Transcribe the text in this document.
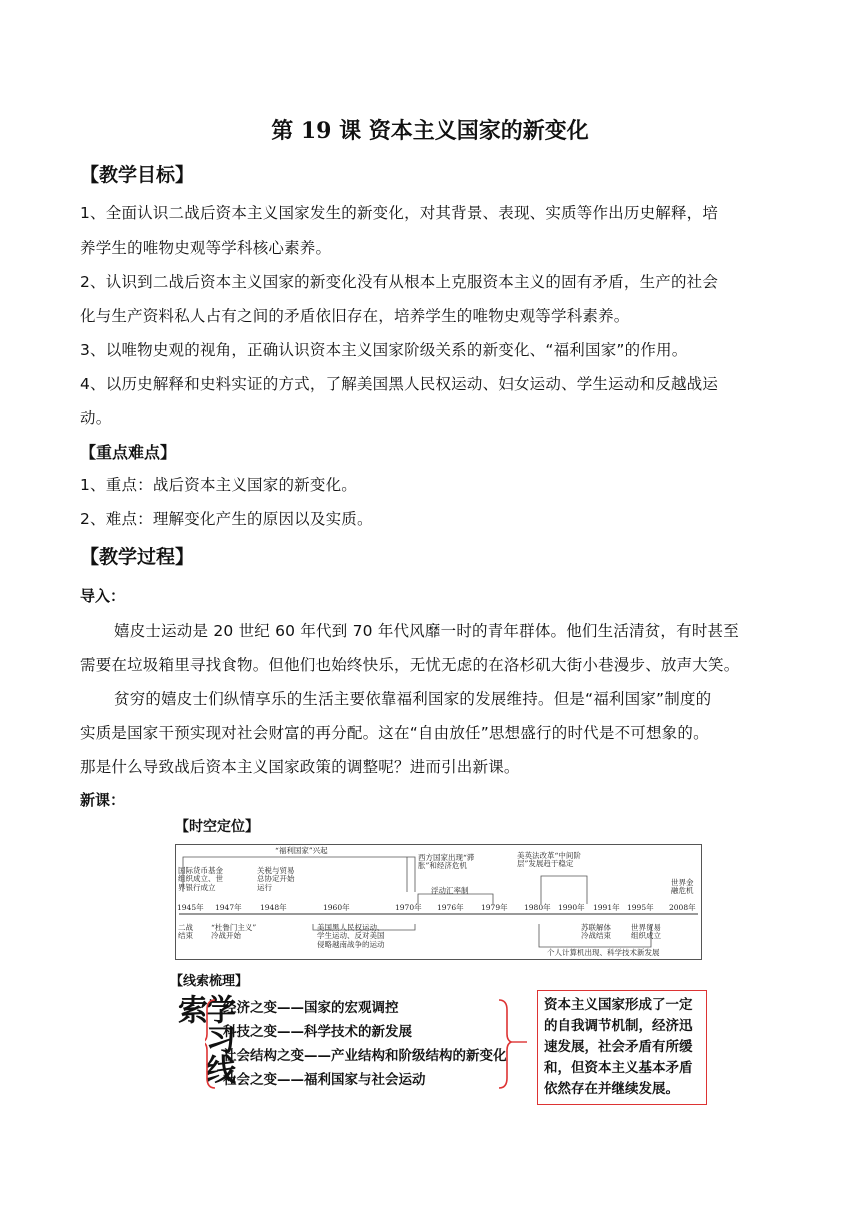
第 19 课 资本主义国家的新变化
【教学目标】
1、全面认识二战后资本主义国家发生的新变化，对其背景、表现、实质等作出历史解释，培
养学生的唯物史观等学科核心素养。
2、认识到二战后资本主义国家的新变化没有从根本上克服资本主义的固有矛盾，生产的社会
化与生产资料私人占有之间的矛盾依旧存在，培养学生的唯物史观等学科素养。
3、以唯物史观的视角，正确认识资本主义国家阶级关系的新变化、“福利国家”的作用。
4、以历史解释和史料实证的方式，了解美国黑人民权运动、妇女运动、学生运动和反越战运
动。
【重点难点】
1、重点：战后资本主义国家的新变化。
2、难点：理解变化产生的原因以及实质。
【教学过程】
导入：
嬉皮士运动是 20 世纪 60 年代到 70 年代风靡一时的青年群体。他们生活清贫，有时甚至
需要在垃圾箱里寻找食物。但他们也始终快乐，无忧无虑的在洛杉矶大街小巷漫步、放声大笑。
贫穷的嬉皮士们纵情享乐的生活主要依靠福利国家的发展维持。但是“福利国家”制度的
实质是国家干预实现对社会财富的再分配。这在“自由放任”思想盛行的时代是不可想象的。
那是什么导致战后资本主义国家政策的调整呢？进而引出新课。
新课：
【时空定位】
“福利国家”兴起
国际货币基金
组织成立、世
界银行成立
关税与贸易
总协定开始
运行
西方国家出现“滞
胀”和经济危机
浮动汇率制
美英法改革“中间阶
层”发展趋于稳定
世界金
融危机
1945年 1947年 1948年	1960年	1970年 1976年 1979年 1980年 1990年 1991年 1995年 2008年
二战
结束
“杜鲁门主义”
冷战开始
美国黑人民权运动、
学生运动、反对美国
侵略越南战争的运动
苏联解体
冷战结束
世界贸易
组织成立
个人计算机出现、科学技术新发展
【线索梳理】
学习线索	经济之变——国家的宏观调控
科技之变——科学技术的新发展
社会结构之变——产业结构和阶级结构的新变化
社会之变——福利国家与社会运动
资本主义国家形成了一定的自我调节机制，经济迅速发展，社会矛盾有所缓和，但资本主义基本矛盾依然存在并继续发展。
